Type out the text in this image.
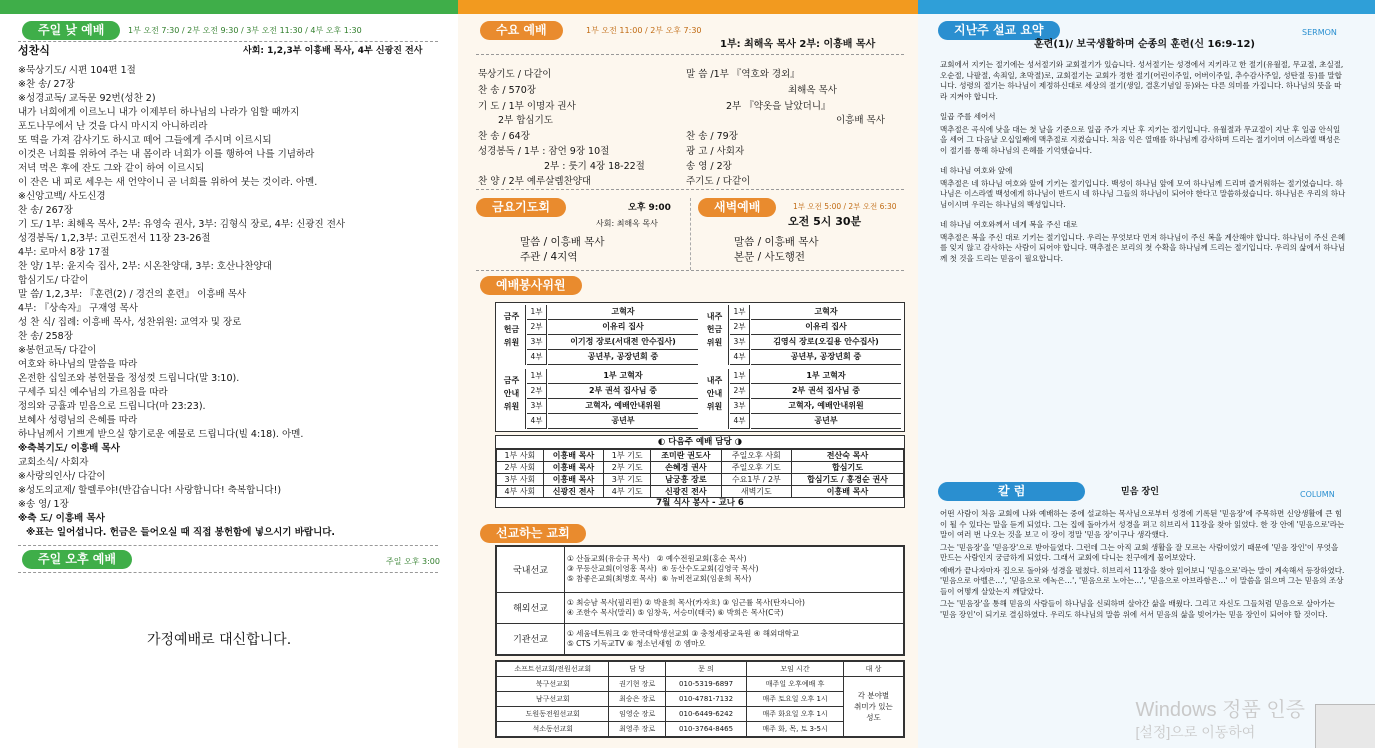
주일 낮 예배	1부 오전 7:30 / 2부 오전 9:30 / 3부 오전 11:30 / 4부 오후 1:30
성찬식	사회: 1,2,3부 이흥배 목사, 4부 신광진 전사
※묵상기도/ 시편 104편 1절
※찬 송/ 27장
※성경교독/ 교독문 92번(성찬 2)
내가 너희에게 이르노니 내가 이제부터 하나님의 나라가 임할 때까지
포도나무에서 난 것을 다시 마시지 아니하리라
또 떡을 가져 감사기도 하시고 떼어 그들에게 주시며 이르시되
이것은 너희를 위하여 주는 내 몸이라 너희가 이를 행하여 나를 기념하라
저녁 먹은 후에 잔도 그와 같이 하여 이르시되
이 잔은 내 피로 세우는 새 언약이니 곧 너희를 위하여 붓는 것이라. 아멘.
※신앙고백/ 사도신경
찬 송/ 267장
기 도/ 1부: 최해옥 목사, 2부: 유영숙 권사, 3부: 김형식 장로, 4부: 신광진 전사
성경봉독/ 1,2,3부: 고린도전서 11장 23-26절
4부: 로마서 8장 17절
찬 양/ 1부: 윤지숙 집사, 2부: 시온찬양대, 3부: 호산나찬양대
합심기도/ 다같이
말 씀/ 1,2,3부: 『훈련(2) / 경건의 훈련』 이흥배 목사
4부: 『상속자』 구재영 목사
성 찬 식/ 집례: 이흥배 목사, 성찬위원: 교역자 및 장로
찬 송/ 258장
※봉헌교독/ 다같이
여호와 하나님의 말씀을 따라
온전한 십일조와 봉헌물을 정성껏 드립니다(말 3:10).
구세주 되신 예수님의 가르침을 따라
정의와 긍휼과 믿음으로 드립니다(마 23:23).
보혜사 성령님의 은혜를 따라
하나님께서 기쁘게 받으실 향기로운 예물로 드립니다(빌 4:18). 아멘.
※축복기도/ 이흥배 목사
교회소식/ 사회자
※사랑의인사/ 다같이
※성도의교제/ 할렐루야!(반갑습니다! 사랑합니다! 축복합니다!)
※송 영/ 1장
※축 도/ 이흥배 목사
※표는 일어섭니다. 헌금은 들어오실 때 직접 봉헌함에 넣으시기 바랍니다.
주일 오후 예배	주일 오후 3:00
가정예배로 대신합니다.
수요 예배	1부 오전 11:00 / 2부 오후 7:30
1부: 최해옥 목사 2부: 이흥배 목사
묵상기도 / 다같이	말 씀 /1부 『역호와 경외』
찬 송 / 570장	최해옥 목사
기 도 / 1부 이명자 권사	2부 『약옷을 날았더니』
2부 합심기도	이흥배 목사
찬 송 / 64장	찬 송 / 79장
성경봉독 / 1부 : 잠언 9장 10절	광 고 / 사회자
2부 : 룻기 4장 18-22절	송 영 / 2장
찬 양 / 2부 예루살렘찬양대	주기도 / 다같이
금요기도회	오후 9:00
사회: 최해옥 목사
말씀 / 이흥배 목사
주관 / 4지역
새벽예배	1부 오전 5:00 / 2부 오전 6:30
오전 5시 30분
말씀 / 이흥배 목사
본문 / 사도행전
예배봉사위원
금주
헌금
위원
1부	고혁자
2부	이유리 집사
3부	이기정 장로(서대전 안수집사)
4부	공년부, 공장년회 중
내주
헌금
위원
1부	고혁자
2부	이유리 집사
3부	김영식 장로(오길용 안수집사)
4부	공년부, 공장년회 중
금주
안내
위원
1부	1부 고혁자
2부	2부 권석 집사님 중
3부	고혁자, 예배안내위원
4부	공년부
내주
안내
위원
1부	1부 고혁자
2부	2부 권석 집사님 중
3부	고혁자, 예배안내위원
4부	공년부
◐ 다음주 예배 담당 ◑
1부 사회	이흥배 목사	1부 기도	조미란 권도사	주일오후 사회	전산숙 목사
2부 사회	이흥배 목사	2부 기도	손혜경 권사	주일오후 기도	합심기도
3부 사회	이흥배 목사	3부 기도	남궁흥 장로	수요1부 / 2부	합심기도 / 홍경순 권사
4부 사회	신광진 전사	4부 기도	신광진 전사	새벽기도	이흥배 목사
7월 식사 봉사 - 교나 6
선교하는 교회
국내선교	① 산돌교회(유승규 목사)   ② 예수전원교회(홍순 목사)
③ 무등산교회(이영흥 목사)  ④ 동산수도교회(김영국 목사)
⑤ 참좋은교회(최병호 목사)  ⑥ 뉴비전교회(임윤희 목사)
해외선교	① 최승남 목사(필리핀) ② 박윤희 목사(카자흐) ③ 임근률 목사(탄자니아)
④ 조한수 목사(말리) ⑤ 임창욱, 서승미(태국) ⑥ 박희은 목사(C국)
기관선교	① 세움네트워크 ② 한국대학생선교회 ③ 충청세광교육원 ④ 해외대학교
⑤ CTS 기독교TV ⑥ 청소년새힘 ⑦ 엠마오
소프트선교회/전원선교회	담 당	문 의	모임 시간	대 상
북구선교회	권기현 장로	010-5319-6897	매주일 오후예배 후	각 분야별
취미가 있는
성도
남구선교회	최승은 장로	010-4781-7132	매주 토요일 오후 1시	
도원동전원선교회	임영순 장로	010-6449-6242	매주 화요일 오후 1시	
석소동선교회	최영주 장로	010-3764-8465	매주 화, 목, 토 3-5시	
지난주 설교 요약	SERMON
훈련(1)/ 보국생활하며 순종의 훈련(신 16:9-12)
교회에서 지키는 절기에는 성서절기와 교회절기가 있습니다. 성서절기는 성경에서 지키라고 한 절기(유월절, 무교절, 초실절, 오순절, 나팔절, 속죄일, 초막절)로, 교회절기는 교회가 정한 절기(어린이주일, 어버이주일, 추수감사주일, 성탄절 등)를 말합니다. 성령의 절기는 하나님이 제정하신대로 세상의 절기(생일, 결혼기념일 등)와는 다른 의미를 가집니다. 하나님의 뜻을 따라 지켜야 합니다.
일곱 주를 세어서
맥추절은 곡식에 낫을 대는 첫 날을 기준으로 일곱 주가 지난 후 지키는 절기입니다. 유월절과 무교절이 지난 후 일곱 안식일을 세어 그 다음날 오십일째에 맥추절로 지켰습니다. 처음 익은 열매를 하나님께 감사하며 드리는 절기이며 이스라엘 백성은 이 절기를 통해 하나님의 은혜를 기억했습니다.
네 하나님 여호와 앞에
맥추절은 네 하나님 여호와 앞에 기키는 절기입니다. 백성이 하나님 앞에 모여 하나님께 드리며 즐거워하는 절기였습니다. 하나님은 이스라엘 백성에게 하나님이 반드시 네 하나님 그들의 하나님이 되어야 한다고 말씀하셨습니다. 하나님은 우리의 하나님이시며 우리는 하나님의 백성입니다.
네 하나님 여호와께서 네게 복을 주신 대로
맥추절은 복을 주신 대로 기키는 절기입니다. 우리는 무엇보다 먼저 하나님이 주신 복을 계산해야 합니다. 하나님이 주신 은혜를 잊지 않고 감사하는 사람이 되어야 합니다. 맥추절은 보리의 첫 수확을 하나님께 드리는 절기입니다. 우리의 삶에서 하나님께 첫 것을 드리는 믿음이 필요합니다.
칼 럼	믿음 장인	COLUMN
어떤 사람이 처음 교회에 나와 예배하는 중에 설교하는 목사님으로부터 성경에 기록된 '믿음장'에 주목하면 신앙생활에 큰 힘이 될 수 있다는 말을 듣게 되었다. 그는 집에 돌아가서 성경을 펴고 히브리서 11장을 찾아 읽었다. 한 장 안에 '믿음으로'라는 말이 여러 번 나오는 것을 보고 이 장이 정말 '믿음 장'이구나 생각했다.
그는 '믿음장'을 '믿음장'으로 받아들였다. 그런데 그는 아직 교회 생활을 잘 모르는 사람이었기 때문에 '믿음 장인'이 무엇을 만드는 사람인지 궁금하게 되었다. 그래서 교회에 다니는 친구에게 물어보았다.
예배가 끝나자마자 집으로 돌아와 성경을 펼쳤다. 히브리서 11장을 찾아 읽어보니 '믿음으로'라는 말이 계속해서 등장하였다. '믿음으로 아벨은…', '믿음으로 에녹은…', '믿음으로 노아는…', '믿음으로 아브라함은…' 이 말씀을 읽으며 그는 믿음의 조상들이 어떻게 살았는지 깨달았다.
그는 '믿음장'을 통해 믿음의 사람들이 하나님을 신뢰하며 살아간 삶을 배웠다. 그리고 자신도 그들처럼 믿음으로 살아가는 '믿음 장인'이 되기로 결심하였다. 우리도 하나님의 말씀 위에 서서 믿음의 삶을 빚어가는 믿음 장인이 되어야 할 것이다.
Windows 정품 인증
[설정]으로 이동하여
